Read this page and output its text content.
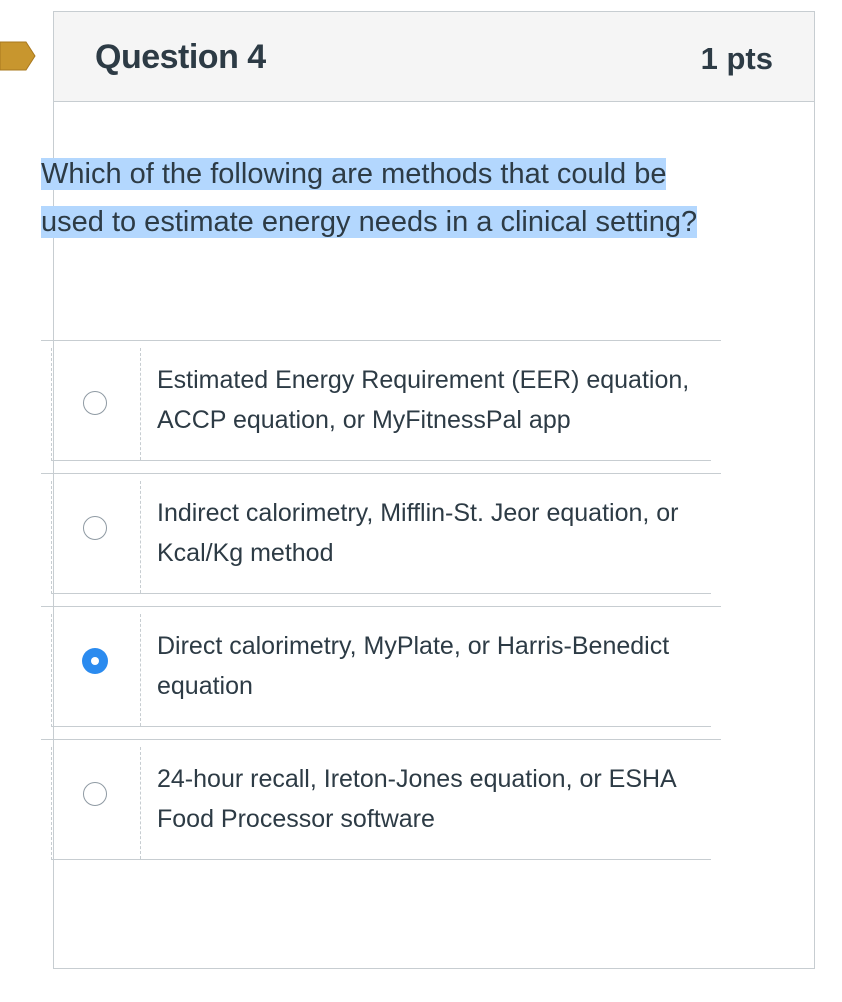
Question 4	1 pts
Which of the following are methods that could be used to estimate energy needs in a clinical setting?
Estimated Energy Requirement (EER) equation, ACCP equation, or MyFitnessPal app
Indirect calorimetry, Mifflin-St. Jeor equation, or Kcal/Kg method
Direct calorimetry, MyPlate, or Harris-Benedict equation
24-hour recall, Ireton-Jones equation, or ESHA Food Processor software
